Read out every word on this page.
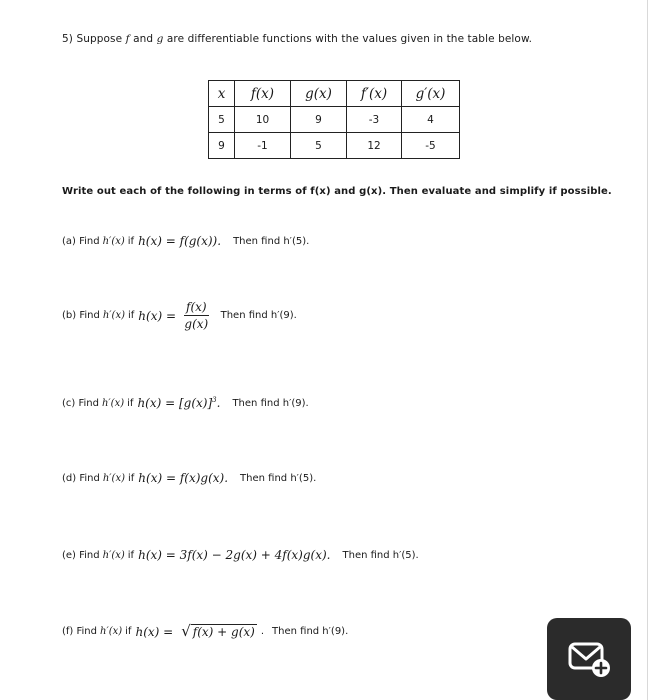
5) Suppose f and g are differentiable functions with the values given in the table below.
x	f(x)	g(x)	f′(x)	g′(x)
5	10	9	-3	4
9	-1	5	12	-5
Write out each of the following in terms of f(x) and g(x). Then evaluate and simplify if possible.
(a) Find h′(x) if h(x) = f(g(x)). Then find h′(5).
(b) Find h′(x) if $h(x) = \frac{f(x)}{g(x)}$ Then find h′(9).
(c) Find h′(x) if $h(x) = [g(x)]^3$. Then find h′(9).
(d) Find h′(x) if h(x) = f(x)g(x). Then find h′(5).
(e) Find h′(x) if h(x) = 3f(x) − 2g(x) + 4f(x)g(x). Then find h′(5).
(f) Find h′(x) if h(x) = √ f(x) + g(x) . Then find h′(9).
